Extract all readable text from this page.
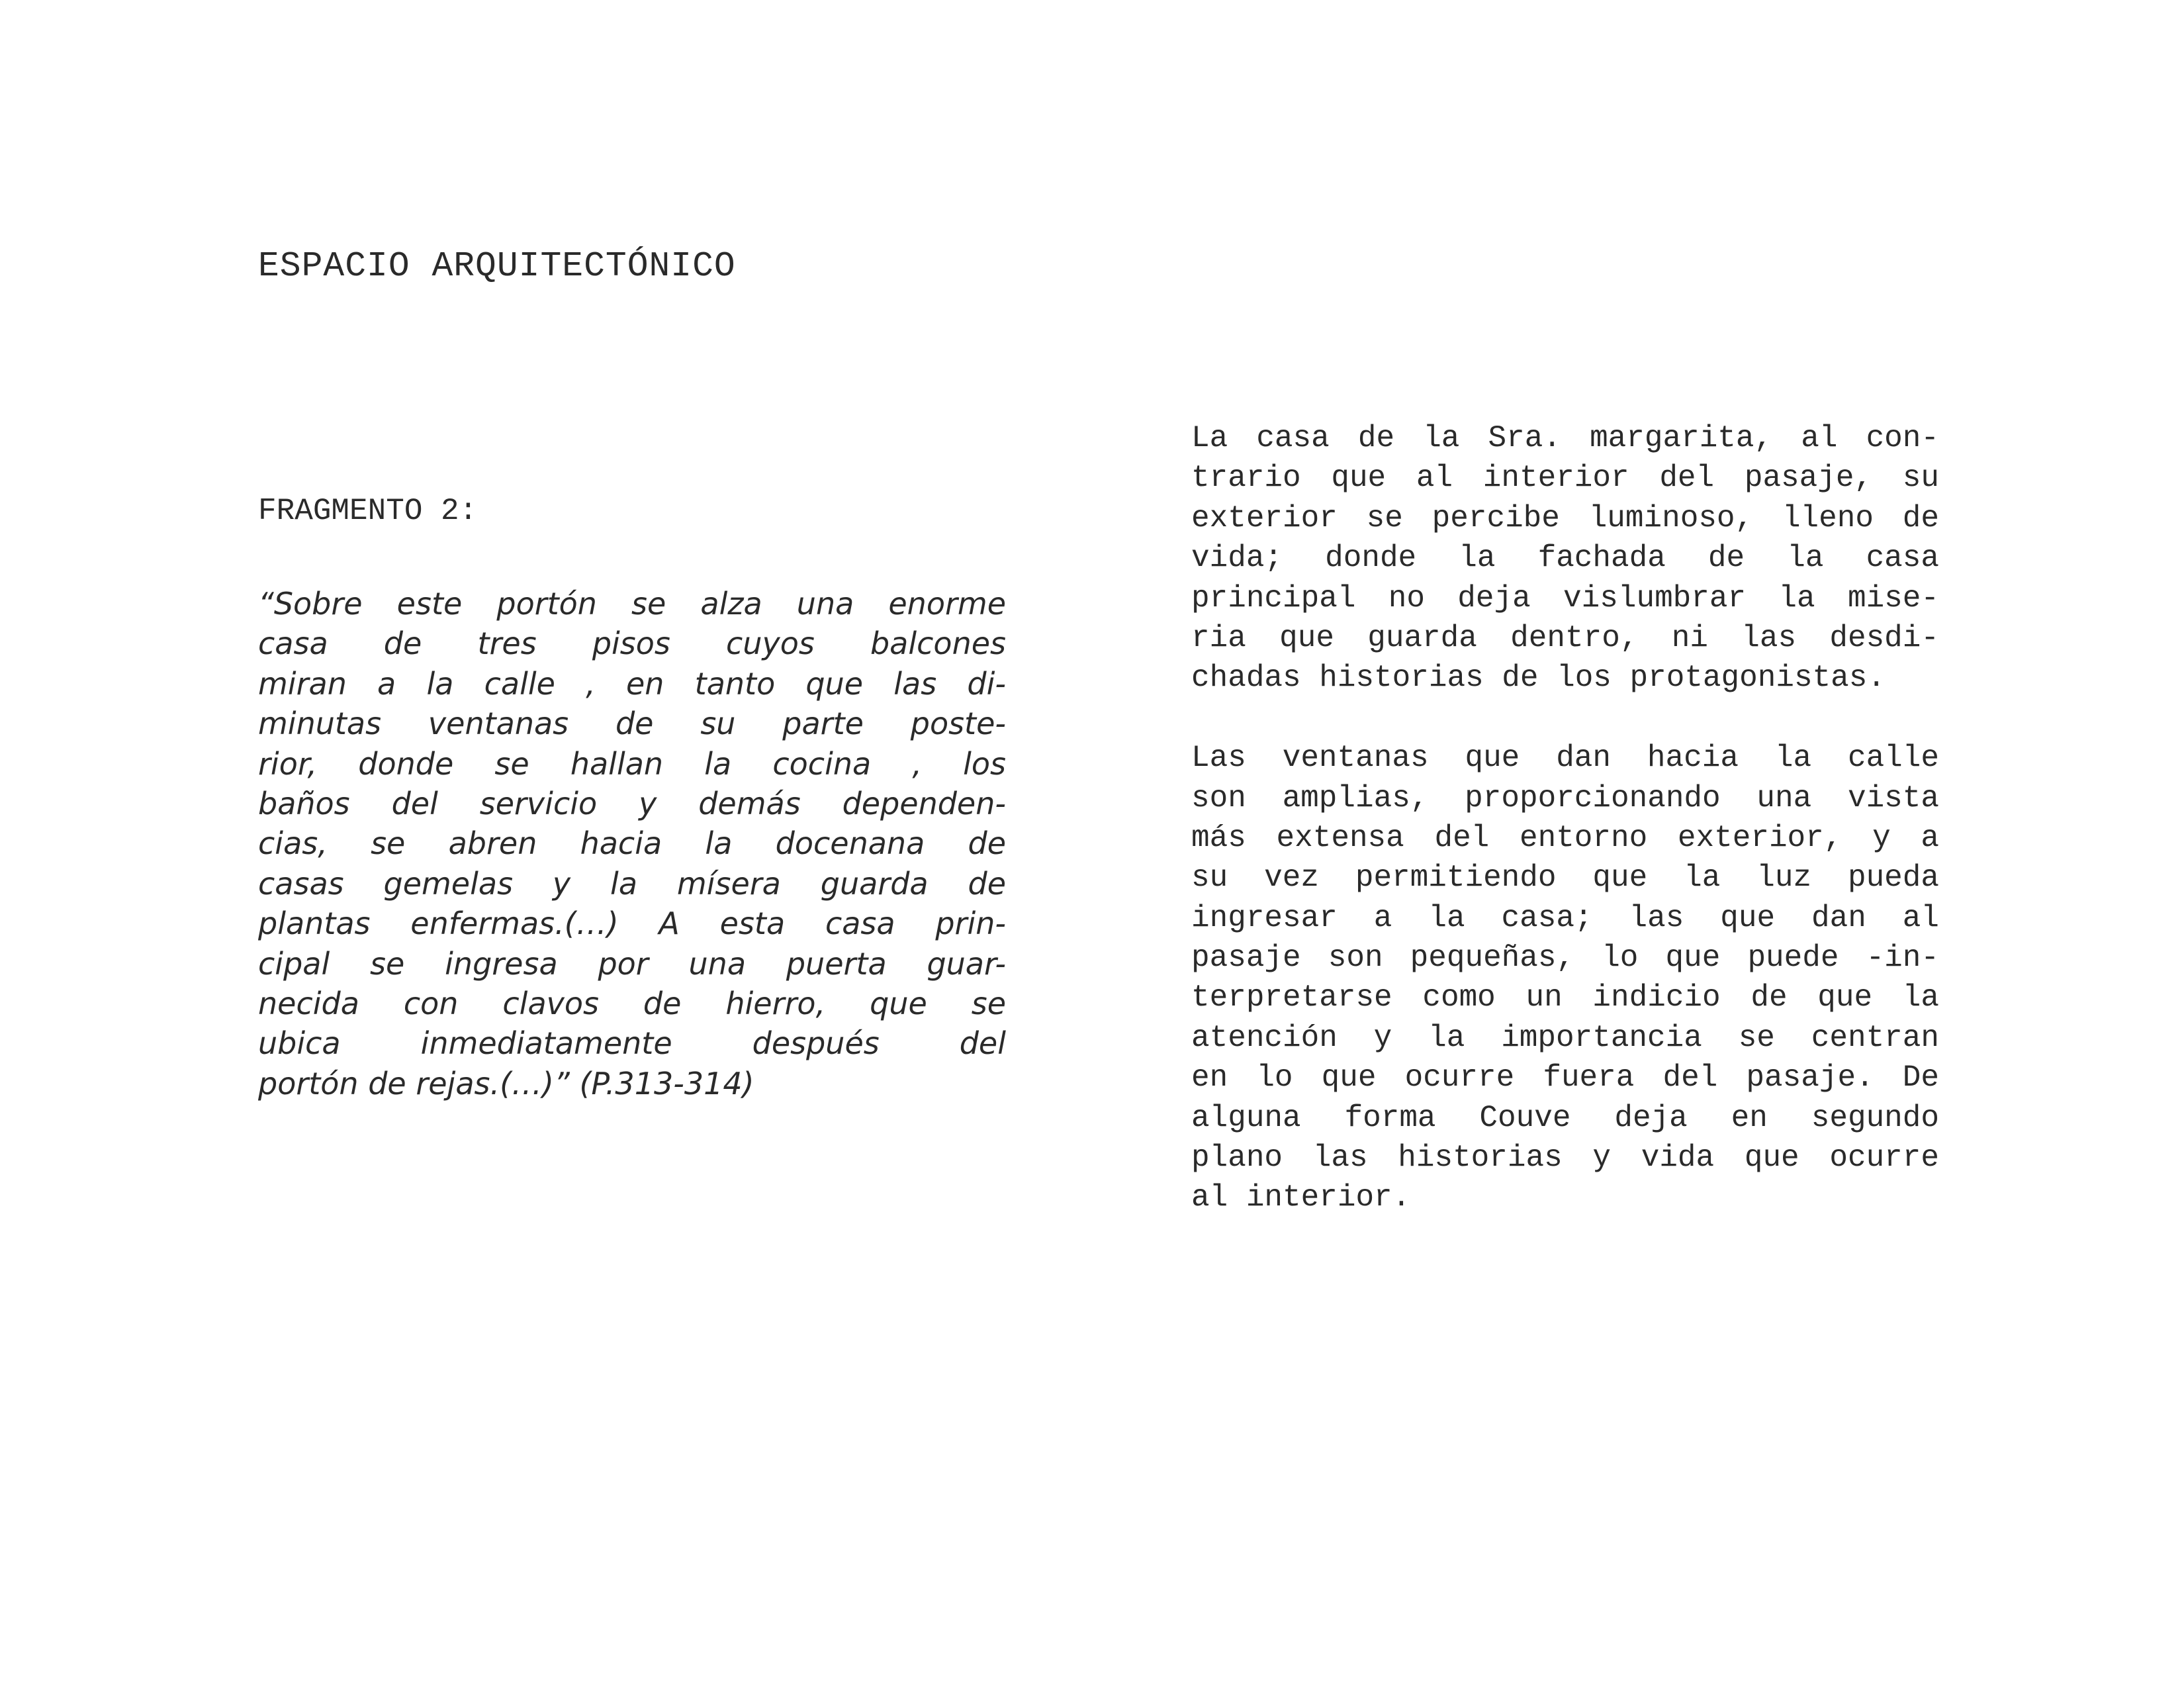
ESPACIO ARQUITECTÓNICO
FRAGMENTO 2:
“Sobre este portón se alza una enorme
casa de tres pisos cuyos balcones
miran a la calle , en tanto que las di-
minutas ventanas de su parte poste-
rior, donde se hallan la cocina , los
baños del servicio y demás dependen-
cias, se abren hacia la docenana de
casas gemelas y la mísera guarda de
plantas enfermas.(…) A esta casa prin-
cipal se ingresa por una puerta guar-
necida con clavos de hierro, que se
ubica inmediatamente después del
portón de rejas.(…)” (P.313-314)
La casa de la Sra. margarita, al con-
trario que al interior del pasaje, su
exterior se percibe luminoso, lleno de
vida; donde la fachada de la casa
principal no deja vislumbrar la mise-
ria que guarda dentro, ni las desdi-
chadas historias de los protagonistas.
Las ventanas que dan hacia la calle
son amplias, proporcionando una vista
más extensa del entorno exterior, y a
su vez permitiendo que la luz pueda
ingresar a la casa; las que dan al
pasaje son pequeñas, lo que puede -in-
terpretarse como un indicio de que la
atención y la importancia se centran
en lo que ocurre fuera del pasaje. De
alguna forma Couve deja en segundo
plano las historias y vida que ocurre
al interior.
